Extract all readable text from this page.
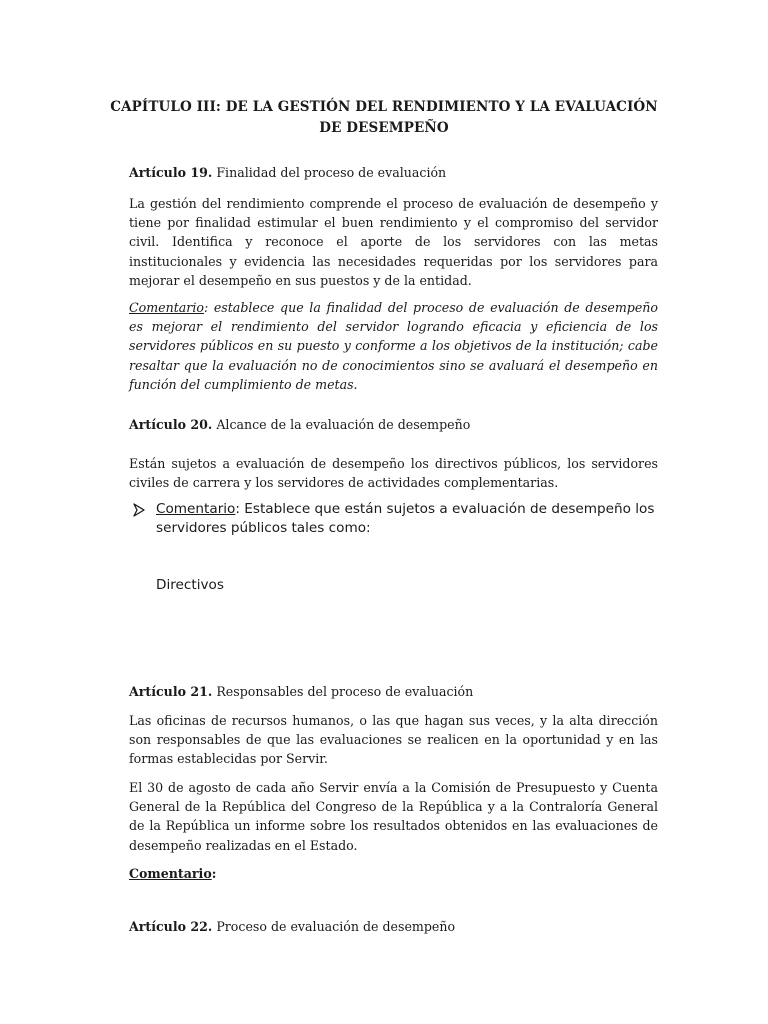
CAPÍTULO III: DE LA GESTIÓN DEL RENDIMIENTO Y LA EVALUACIÓN
DE DESEMPEÑO
Artículo 19. Finalidad del proceso de evaluación
La gestión del rendimiento comprende el proceso de evaluación de desempeño y tiene por finalidad estimular el buen rendimiento y el compromiso del servidor civil. Identifica y reconoce el aporte de los servidores con las metas institucionales y evidencia las necesidades requeridas por los servidores para mejorar el desempeño en sus puestos y de la entidad.
Comentario: establece que la finalidad del proceso de evaluación de desempeño es mejorar el rendimiento del servidor logrando eficacia y eficiencia de los servidores públicos en su puesto y conforme a los objetivos de la institución; cabe resaltar que la evaluación no de conocimientos sino se avaluará el desempeño en función del cumplimiento de metas.
Artículo 20. Alcance de la evaluación de desempeño
Están sujetos a evaluación de desempeño los directivos públicos, los servidores civiles de carrera y los servidores de actividades complementarias.
Comentario: Establece que están sujetos a evaluación de desempeño los servidores públicos tales como:
Directivos
Artículo 21. Responsables del proceso de evaluación
Las oficinas de recursos humanos, o las que hagan sus veces, y la alta dirección son responsables de que las evaluaciones se realicen en la oportunidad y en las formas establecidas por Servir.
El 30 de agosto de cada año Servir envía a la Comisión de Presupuesto y Cuenta General de la República del Congreso de la República y a la Contraloría General de la República un informe sobre los resultados obtenidos en las evaluaciones de desempeño realizadas en el Estado.
Comentario:
Artículo 22. Proceso de evaluación de desempeño
